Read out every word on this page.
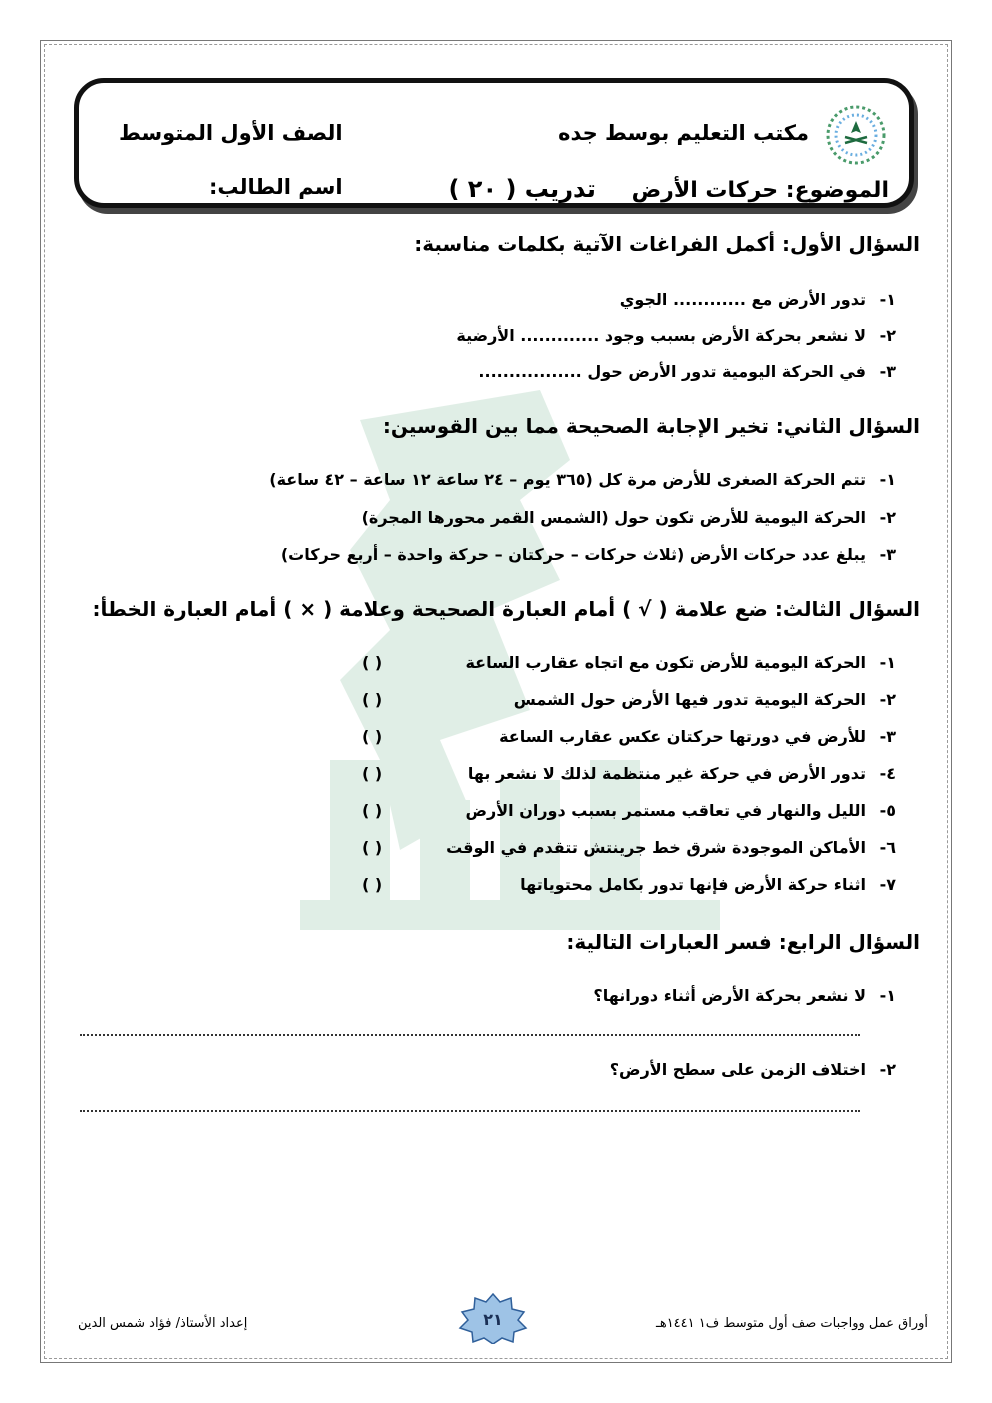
مكتب التعليم بوسط جده
الصف الأول المتوسط
الموضوع: حركات الأرض تدريب ( ٢٠ )
اسم الطالب:
السؤال الأول: أكمل الفراغات الآتية بكلمات مناسبة:
١-تدور الأرض مع ............ الجوي
٢-لا نشعر بحركة الأرض بسبب وجود ............. الأرضية
٣-في الحركة اليومية تدور الأرض حول .................
السؤال الثاني: تخير الإجابة الصحيحة مما بين القوسين:
١-تتم الحركة الصغرى للأرض مرة كل (٣٦٥ يوم – ٢٤ ساعة ١٢ ساعة – ٤٢ ساعة)
٢-الحركة اليومية للأرض تكون حول (الشمس القمر محورها المجرة)
٣-يبلغ عدد حركات الأرض (ثلاث حركات – حركتان – حركة واحدة – أربع حركات)
السؤال الثالث: ضع علامة ( √ ) أمام العبارة الصحيحة وعلامة ( × ) أمام العبارة الخطأ:
١-الحركة اليومية للأرض تكون مع اتجاه عقارب الساعة
( )
٢-الحركة اليومية تدور فيها الأرض حول الشمس
( )
٣-للأرض في دورتها حركتان عكس عقارب الساعة
( )
٤-تدور الأرض في حركة غير منتظمة لذلك لا نشعر بها
( )
٥-الليل والنهار في تعاقب مستمر بسبب دوران الأرض
( )
٦-الأماكن الموجودة شرق خط جرينتش تتقدم في الوقت
( )
٧-اثناء حركة الأرض فإنها تدور بكامل محتوياتها
( )
السؤال الرابع: فسر العبارات التالية:
١-لا نشعر بحركة الأرض أثناء دورانها؟
٢-اختلاف الزمن على سطح الأرض؟
٢١
إعداد الأستاذ/ فؤاد شمس الدين	أوراق عمل وواجبات صف أول متوسط ف١ ١٤٤١هـ
